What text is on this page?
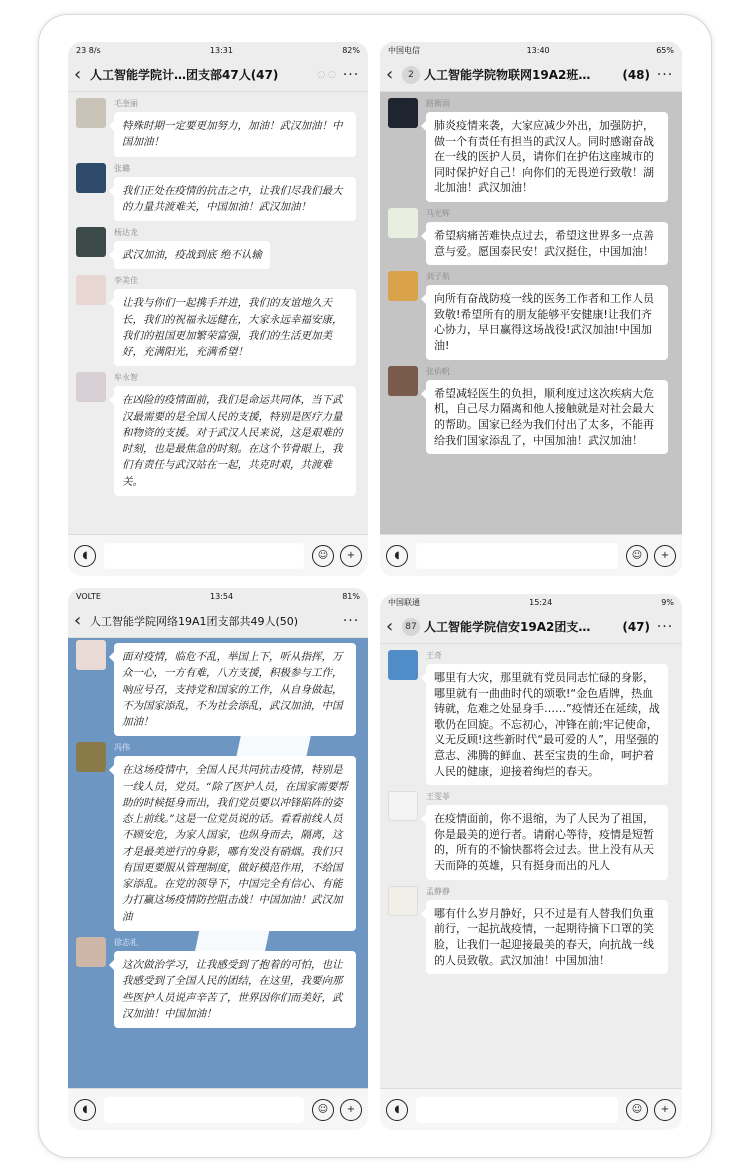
23 8/s	13:31	82%
‹ 人工智能学院计…团支部47人(47)	◌ ◌ ···
毛奎丽
特殊时期一定要更加努力，加油！武汉加油！中国加油！
张璐
我们正处在疫情的抗击之中，让我们尽我们最大的力量共渡难关，中国加油！武汉加油！
杨达龙
武汉加油，疫战到底 绝不认输
李美佳
让我与你们一起携手并进，我们的友谊地久天长，我们的祝福永远健在，大家永远幸福安康，我们的祖国更加繁荣富强，我们的生活更加美好，充满阳光，充满希望！
牟永智
在凶险的疫情面前，我们是命运共同体，当下武汉最需要的是全国人民的支援，特别是医疗力量和物资的支援。对于武汉人民来说，这是艰难的时刻，也是最焦急的时刻。在这个节骨眼上，我们有责任与武汉站在一起，共克时艰，共渡难关。
◖	☺	+
中国电信	13:40	65%
‹	2 人工智能学院物联网19A2班…	(48) ···
路衡雨
肺炎疫情来袭，大家应减少外出，加强防护，做一个有责任有担当的武汉人。同时感谢奋战在一线的医护人员，请你们在护佑这座城市的同时保护好自己！向你们的无畏逆行致敬！湖北加油！武汉加油！
马光辉
希望病痛苦难快点过去，希望这世界多一点善意与爱。愿国泰民安！武汉挺住，中国加油！
刘子航
向所有奋战防疫一线的医务工作者和工作人员致敬!希望所有的朋友能够平安健康!让我们齐心协力，早日赢得这场战役!武汉加油!中国加油!
张佑帆
希望减轻医生的负担，顺利度过这次疾病大危机，自己尽力隔离和他人接触就是对社会最大的帮助。国家已经为我们付出了太多，不能再给我们国家添乱了，中国加油！武汉加油！
◖	☺	+
VOLTE	13:54	81%
‹ 人工智能学院网络19A1团支部共49人(50)	···
面对疫情，临危不乱，举国上下，听从指挥，万众一心，一方有难，八方支援，积极参与工作，响应号召，支持党和国家的工作，从自身做起，不为国家添乱，不为社会添乱，武汉加油，中国加油！
冯伟
在这场疫情中，全国人民共同抗击疫情，特别是一线人员，党员。“除了医护人员，在国家需要帮助的时候挺身而出，我们党员要以冲锋陷阵的姿态上前线。”这是一位党员说的话。看看前线人员不顾安危，为家人国家，也纵身而去，隔离，这才是最美逆行的身影，哪有发没有硝烟。我们只有国更要服从管理制度，做好模范作用，不给国家添乱。在党的领导下，中国完全有信心、有能力打赢这场疫情防控阻击战！中国加油！武汉加油
徐志礼
这次做治学习，让我感受到了抱着的可怕，也让我感受到了全国人民的团结，在这里，我要向那些医护人员说声辛苦了，世界因你们而美好，武汉加油！中国加油！
◖	☺	+
中国联通	15:24	9%
‹	87 人工智能学院信安19A2团支…	(47) ···
王奇
哪里有大灾，那里就有党员同志忙碌的身影，哪里就有一曲曲时代的颂歌!“金色盾牌，热血铸就，危难之处显身手……”疫情还在延续，战歌仍在回旋。不忘初心，冲锋在前;牢记使命，义无反顾!这些新时代“最可爱的人”，用坚强的意志、沸腾的鲜血、甚至宝贵的生命，呵护着人民的健康，迎接着绚烂的春天。
王雯菲
在疫情面前，你不退缩，为了人民为了祖国，你是最美的逆行者。请耐心等待，疫情是短暂的，所有的不愉快都将会过去。世上没有从天天而降的英雄，只有挺身而出的凡人
孟静静
哪有什么岁月静好，只不过是有人替我们负重前行，一起抗战疫情，一起期待摘下口罩的笑脸，让我们一起迎接最美的春天，向抗战一线的人员致敬。武汉加油！中国加油！
◖	☺	+
